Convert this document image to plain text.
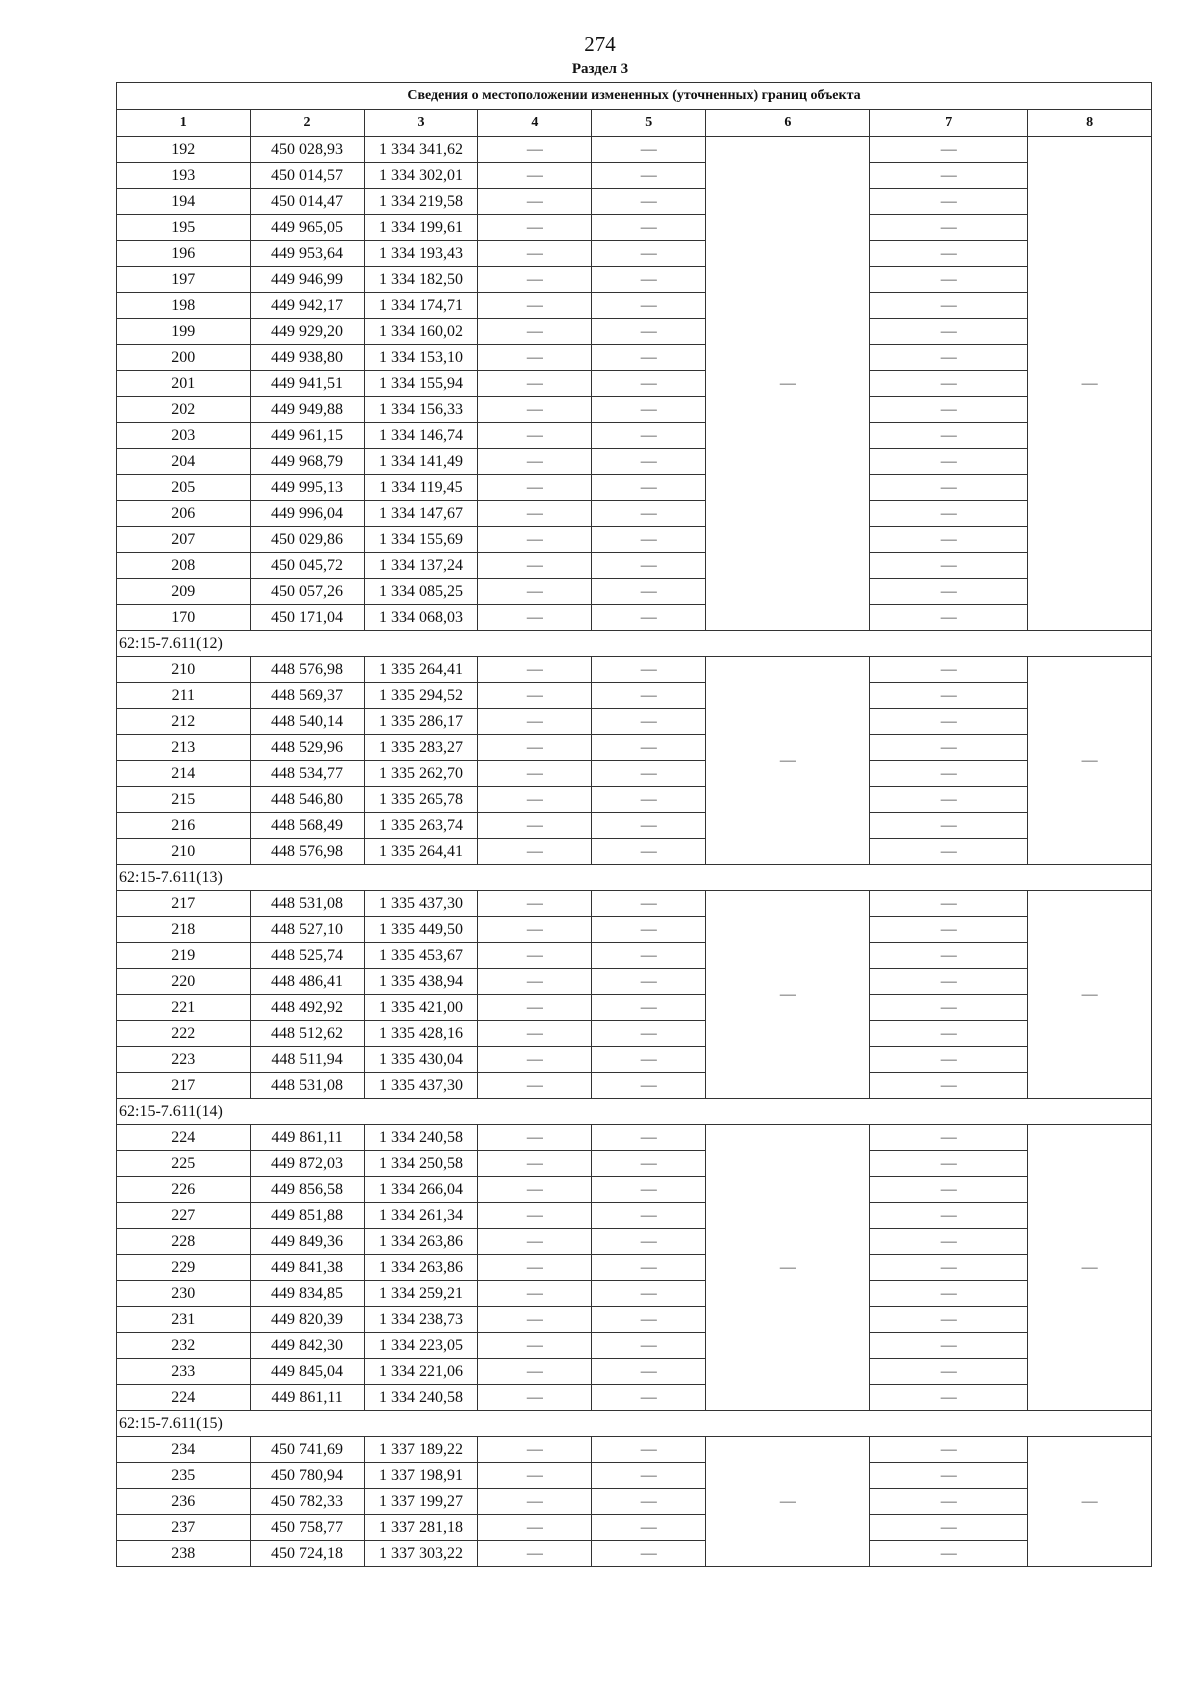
274
Раздел 3
Сведения о местоположении измененных (уточненных) границ объекта							
1	2	3	4	5	6	7	8
192	450 028,93	1 334 341,62	—	—	—	—	—
193	450 014,57	1 334 302,01	—	—		—	
194	450 014,47	1 334 219,58	—	—		—	
195	449 965,05	1 334 199,61	—	—		—	
196	449 953,64	1 334 193,43	—	—		—	
197	449 946,99	1 334 182,50	—	—		—	
198	449 942,17	1 334 174,71	—	—		—	
199	449 929,20	1 334 160,02	—	—		—	
200	449 938,80	1 334 153,10	—	—		—	
201	449 941,51	1 334 155,94	—	—		—	
202	449 949,88	1 334 156,33	—	—		—	
203	449 961,15	1 334 146,74	—	—		—	
204	449 968,79	1 334 141,49	—	—		—	
205	449 995,13	1 334 119,45	—	—		—	
206	449 996,04	1 334 147,67	—	—		—	
207	450 029,86	1 334 155,69	—	—		—	
208	450 045,72	1 334 137,24	—	—		—	
209	450 057,26	1 334 085,25	—	—		—	
170	450 171,04	1 334 068,03	—	—		—	
62:15-7.611(12)							
210	448 576,98	1 335 264,41	—	—	—	—	—
211	448 569,37	1 335 294,52	—	—		—	
212	448 540,14	1 335 286,17	—	—		—	
213	448 529,96	1 335 283,27	—	—		—	
214	448 534,77	1 335 262,70	—	—		—	
215	448 546,80	1 335 265,78	—	—		—	
216	448 568,49	1 335 263,74	—	—		—	
210	448 576,98	1 335 264,41	—	—		—	
62:15-7.611(13)							
217	448 531,08	1 335 437,30	—	—	—	—	—
218	448 527,10	1 335 449,50	—	—		—	
219	448 525,74	1 335 453,67	—	—		—	
220	448 486,41	1 335 438,94	—	—		—	
221	448 492,92	1 335 421,00	—	—		—	
222	448 512,62	1 335 428,16	—	—		—	
223	448 511,94	1 335 430,04	—	—		—	
217	448 531,08	1 335 437,30	—	—		—	
62:15-7.611(14)							
224	449 861,11	1 334 240,58	—	—	—	—	—
225	449 872,03	1 334 250,58	—	—		—	
226	449 856,58	1 334 266,04	—	—		—	
227	449 851,88	1 334 261,34	—	—		—	
228	449 849,36	1 334 263,86	—	—		—	
229	449 841,38	1 334 263,86	—	—		—	
230	449 834,85	1 334 259,21	—	—		—	
231	449 820,39	1 334 238,73	—	—		—	
232	449 842,30	1 334 223,05	—	—		—	
233	449 845,04	1 334 221,06	—	—		—	
224	449 861,11	1 334 240,58	—	—		—	
62:15-7.611(15)							
234	450 741,69	1 337 189,22	—	—	—	—	—
235	450 780,94	1 337 198,91	—	—		—	
236	450 782,33	1 337 199,27	—	—		—	
237	450 758,77	1 337 281,18	—	—		—	
238	450 724,18	1 337 303,22	—	—		—	
